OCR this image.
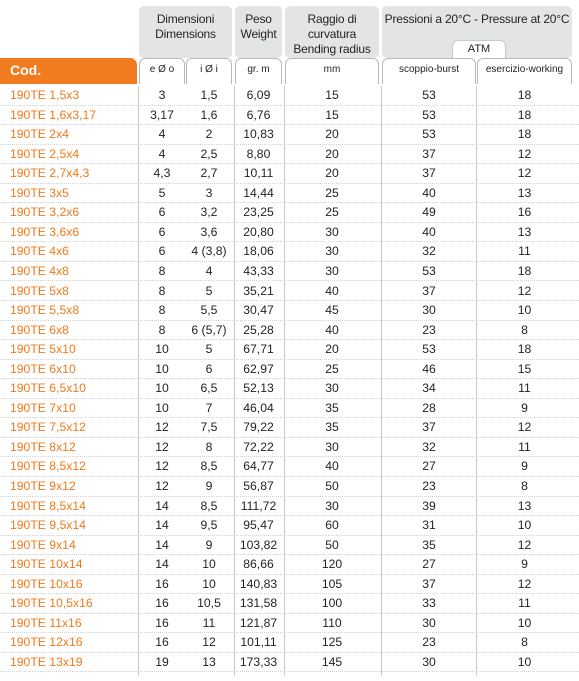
Dimensioni
Dimensions
Peso
Weight
Raggio di curvatura
Bending radius
Pressioni a 20°C - Pressure at 20°C
ATM
Cod.	e Ø o	i Ø i	gr. m	mm	scoppio-burst	esercizio-working
190TE 1,5x3	3	1,5	6,09	15	53	18
190TE 1,6x3,17	3,17	1,6	6,76	15	53	18
190TE 2x4	4	2	10,83	20	53	18
190TE 2,5x4	4	2,5	8,80	20	37	12
190TE 2,7x4,3	4,3	2,7	10,11	20	37	12
190TE 3x5	5	3	14,44	25	40	13
190TE 3,2x6	6	3,2	23,25	25	49	16
190TE 3,6x6	6	3,6	20,80	30	40	13
190TE 4x6	6	4 (3,8)	18,06	30	32	11
190TE 4x8	8	4	43,33	30	53	18
190TE 5x8	8	5	35,21	40	37	12
190TE 5,5x8	8	5,5	30,47	45	30	10
190TE 6x8	8	6 (5,7)	25,28	40	23	8
190TE 5x10	10	5	67,71	20	53	18
190TE 6x10	10	6	62,97	25	46	15
190TE 6,5x10	10	6,5	52,13	30	34	11
190TE 7x10	10	7	46,04	35	28	9
190TE 7,5x12	12	7,5	79,22	35	37	12
190TE 8x12	12	8	72,22	30	32	11
190TE 8,5x12	12	8,5	64,77	40	27	9
190TE 9x12	12	9	56,87	50	23	8
190TE 8,5x14	14	8,5	111,72	30	39	13
190TE 9,5x14	14	9,5	95,47	60	31	10
190TE 9x14	14	9	103,82	50	35	12
190TE 10x14	14	10	86,66	120	27	9
190TE 10x16	16	10	140,83	105	37	12
190TE 10,5x16	16	10,5	131,58	100	33	11
190TE 11x16	16	11	121,87	110	30	10
190TE 12x16	16	12	101,11	125	23	8
190TE 13x19	19	13	173,33	145	30	10
